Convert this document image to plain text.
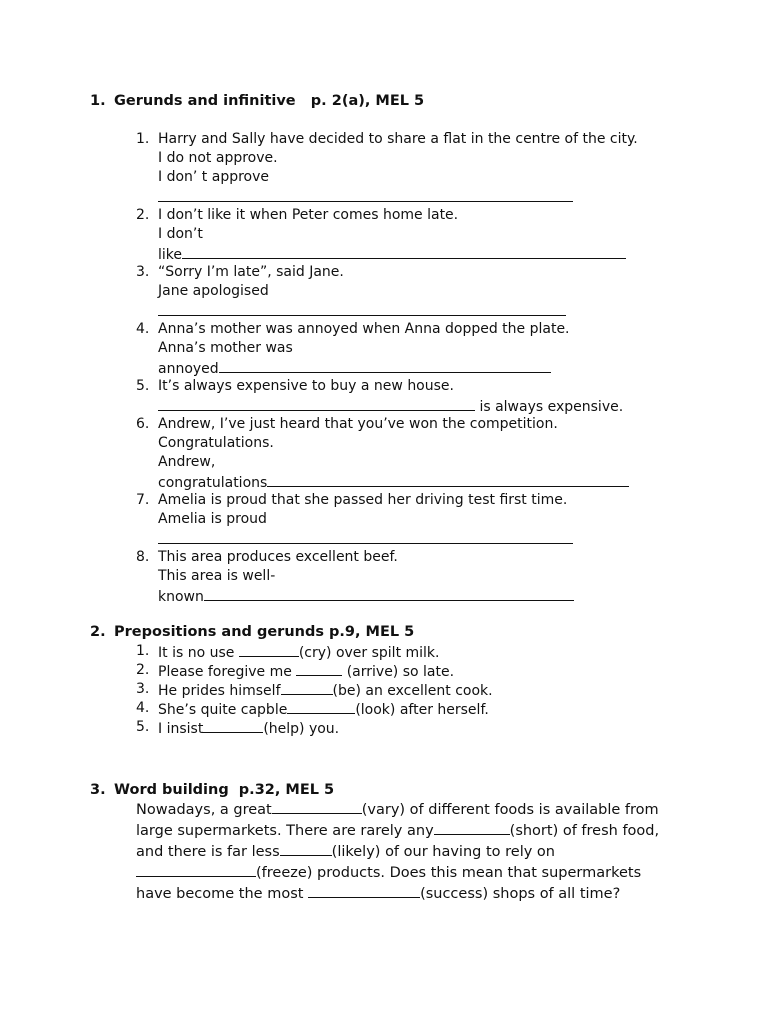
1. Gerunds and infinitive   p. 2(a), MEL 5
1. Harry and Sally have decided to share a flat in the centre of the city.
I do not approve.
I don’ t approve
2. I don’t like it when Peter comes home late.
I don’t
like
3. “Sorry I’m late”, said Jane.
Jane apologised
4. Anna’s mother was annoyed when Anna dopped the plate.
Anna’s mother was
annoyed
5. It’s always expensive to buy a new house.
is always expensive.
6. Andrew, I’ve just heard that you’ve won the competition.
Congratulations.
Andrew,
congratulations
7. Amelia is proud that she passed her driving test first time.
Amelia is proud
8. This area produces excellent beef.
This area is well-
known
2. Prepositions and gerunds p.9, MEL 5
1. It is no use	(cry) over spilt milk.
2. Please foregive me	(arrive) so late.
3. He prides himself	(be) an excellent cook.
4. She’s quite capble	(look) after herself.
5. I insist	(help) you.
3. Word building  p.32, MEL 5
Nowadays, a great	(vary) of different foods is available from
large supermarkets. There are rarely any	(short) of fresh food,
and there is far less	(likely) of our having to rely on
(freeze) products. Does this mean that supermarkets
have become the most	(success) shops of all time?
